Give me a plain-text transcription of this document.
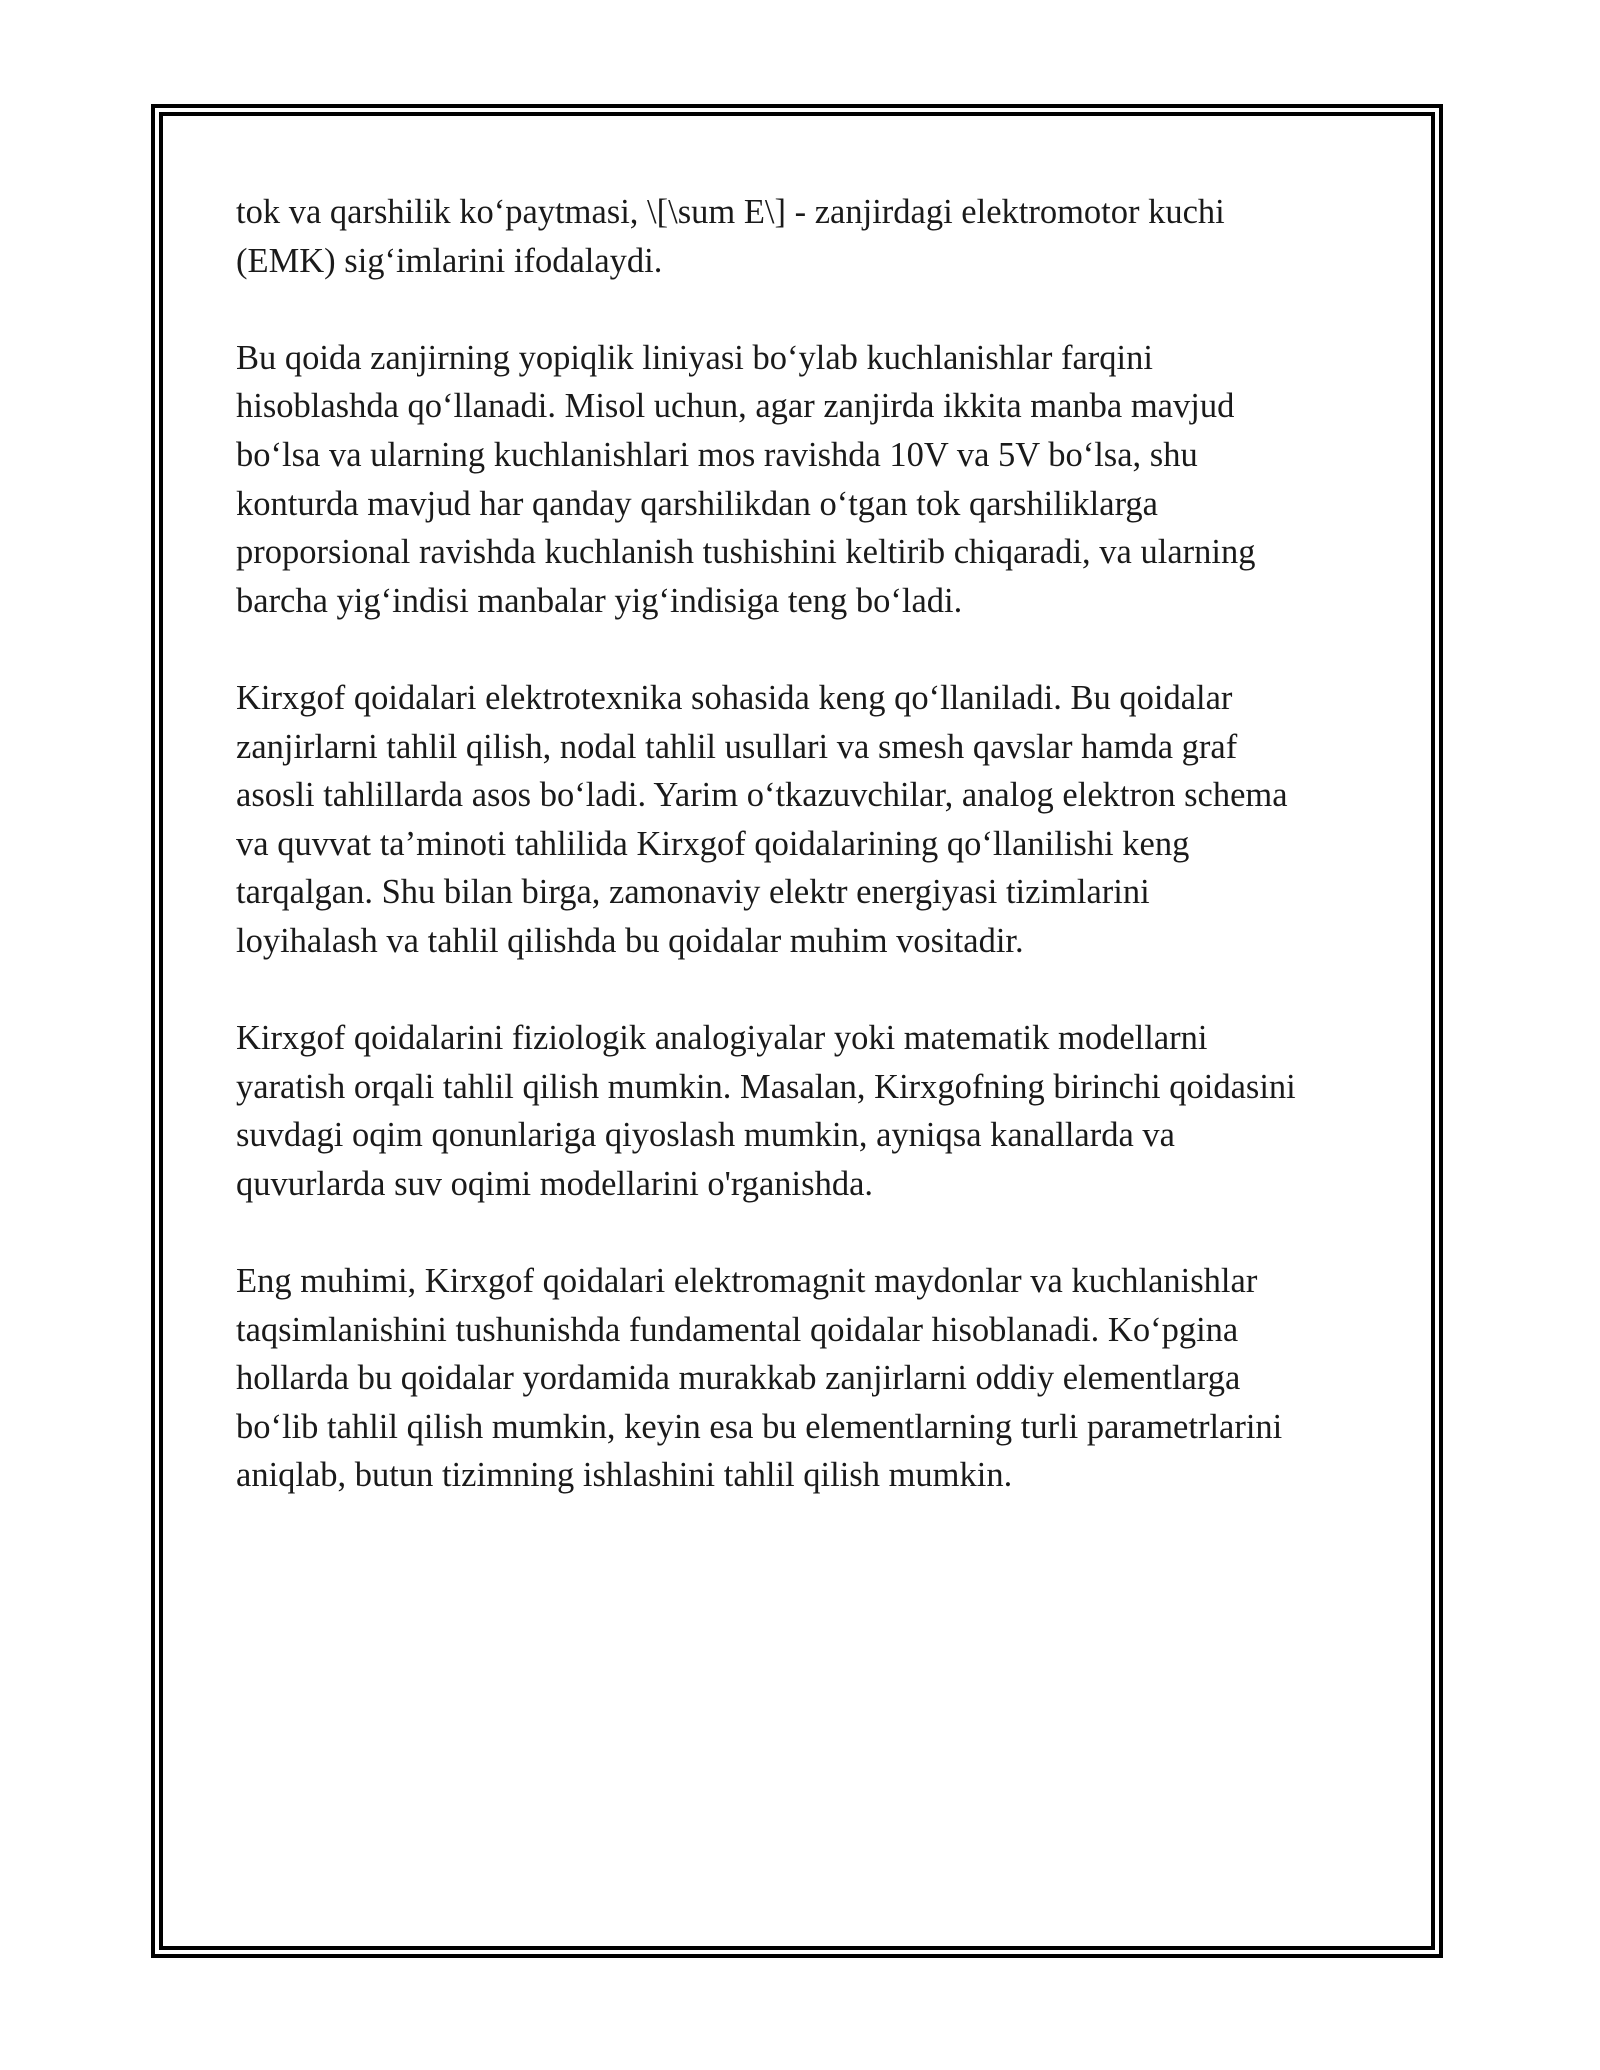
tok va qarshilik ko‘paytmasi, \[\sum E\] - zanjirdagi elektromotor kuchi
(EMK) sig‘imlarini ifodalaydi.

Bu qoida zanjirning yopiqlik liniyasi bo‘ylab kuchlanishlar farqini
hisoblashda qo‘llanadi. Misol uchun, agar zanjirda ikkita manba mavjud
bo‘lsa va ularning kuchlanishlari mos ravishda 10V va 5V bo‘lsa, shu
konturda mavjud har qanday qarshilikdan o‘tgan tok qarshiliklarga
proporsional ravishda kuchlanish tushishini keltirib chiqaradi, va ularning
barcha yig‘indisi manbalar yig‘indisiga teng bo‘ladi.

Kirxgof qoidalari elektrotexnika sohasida keng qo‘llaniladi. Bu qoidalar
zanjirlarni tahlil qilish, nodal tahlil usullari va smesh qavslar hamda graf
asosli tahlillarda asos bo‘ladi. Yarim o‘tkazuvchilar, analog elektron schema
va quvvat ta’minoti tahlilida Kirxgof qoidalarining qo‘llanilishi keng
tarqalgan. Shu bilan birga, zamonaviy elektr energiyasi tizimlarini
loyihalash va tahlil qilishda bu qoidalar muhim vositadir.

Kirxgof qoidalarini fiziologik analogiyalar yoki matematik modellarni
yaratish orqali tahlil qilish mumkin. Masalan, Kirxgofning birinchi qoidasini
suvdagi oqim qonunlariga qiyoslash mumkin, ayniqsa kanallarda va
quvurlarda suv oqimi modellarini o'rganishda.

Eng muhimi, Kirxgof qoidalari elektromagnit maydonlar va kuchlanishlar
taqsimlanishini tushunishda fundamental qoidalar hisoblanadi. Ko‘pgina
hollarda bu qoidalar yordamida murakkab zanjirlarni oddiy elementlarga
bo‘lib tahlil qilish mumkin, keyin esa bu elementlarning turli parametrlarini
aniqlab, butun tizimning ishlashini tahlil qilish mumkin.
